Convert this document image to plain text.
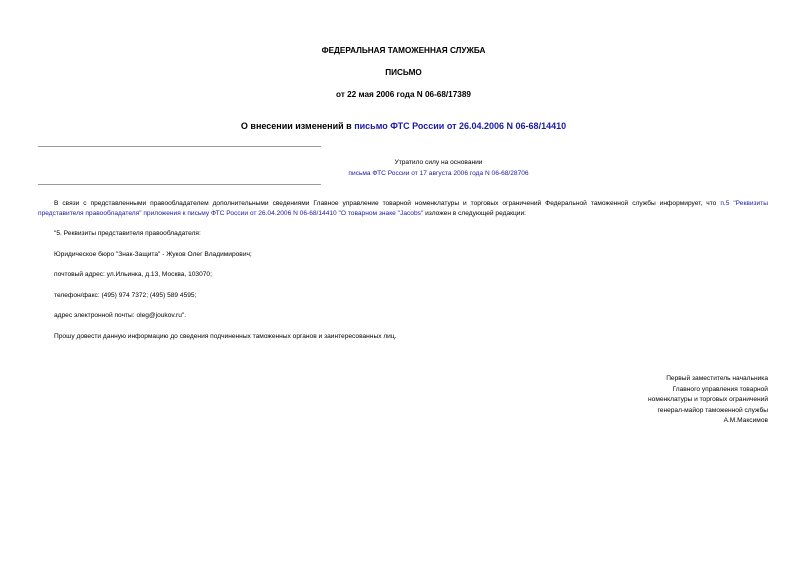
ФЕДЕРАЛЬНАЯ ТАМОЖЕННАЯ СЛУЖБА
ПИСЬМО
от 22 мая 2006 года N 06-68/17389
О внесении изменений в письмо ФТС России от 26.04.2006 N 06-68/14410
Утратило силу на основании
письма ФТС России от 17 августа 2006 года N 06-68/28706
В связи с представленными правообладателем дополнительными сведениями Главное управление товарной номенклатуры и торговых ограничений Федеральной таможенной службы информирует, что п.5 "Реквизиты представителя правообладателя" приложения к письму ФТС России от 26.04.2006 N 06-68/14410 "О товарном знаке "Jacobs" изложен в следующей редакции:
"5. Реквизиты представителя правообладателя:
Юридическое бюро "Знак-Защита" - Жуков Олег Владимирович;
почтовый адрес: ул.Ильинка, д.13, Москва, 103070;
телефон/факс: (495) 974 7372; (495) 589 4595;
адрес электронной почты: oleg@joukov.ru".
Прошу довести данную информацию до сведения подчиненных таможенных органов и заинтересованных лиц.
Первый заместитель начальника
Главного управления товарной
номенклатуры и торговых ограничений
генерал-майор таможенной службы
А.М.Максимов
